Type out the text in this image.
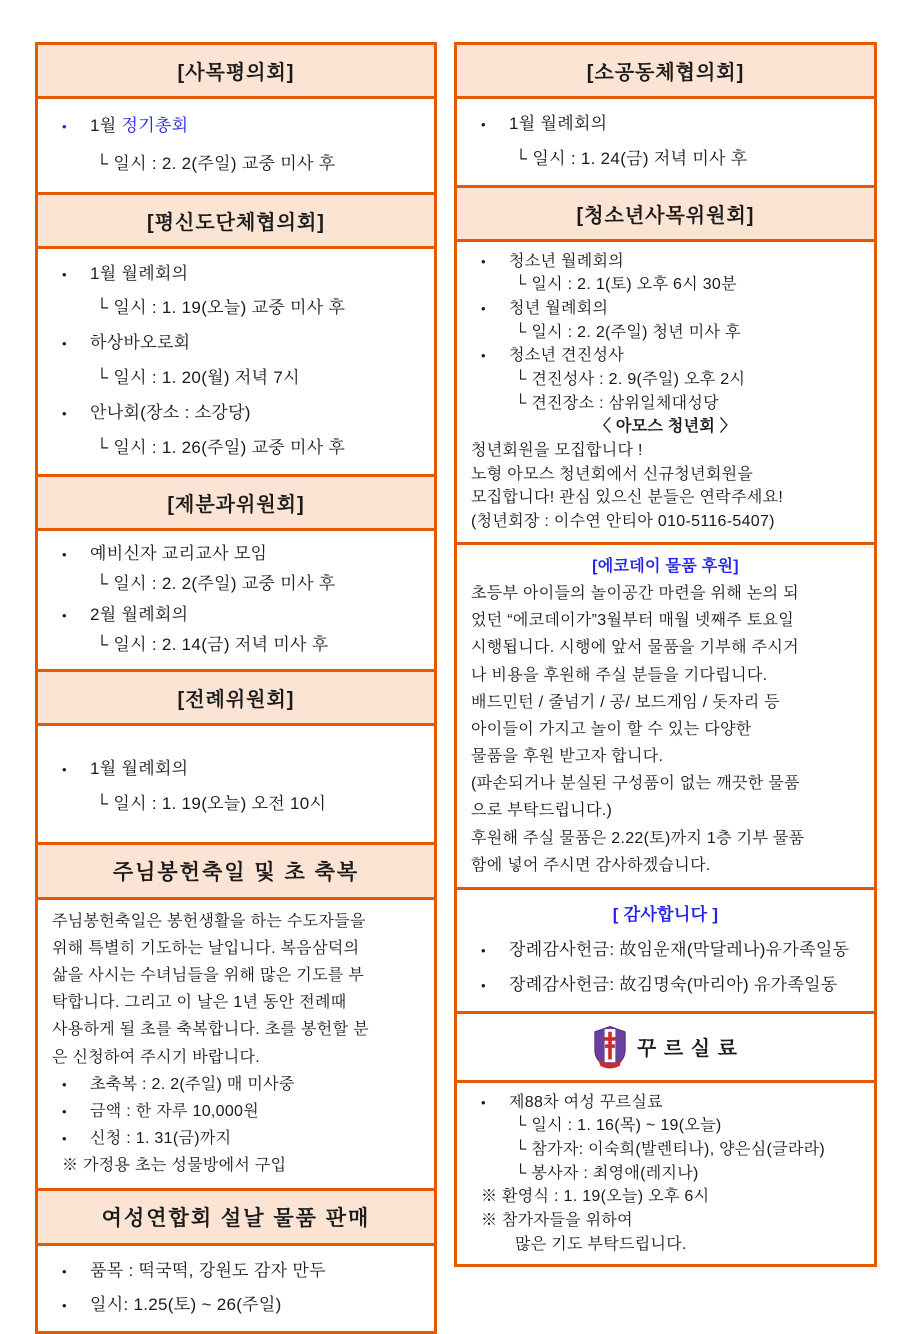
[사목평의회]
• 1월 정기총회
└ 일시 : 2. 2(주일) 교중 미사 후
[평신도단체협의회]
• 1월 월례회의
└ 일시 : 1. 19(오늘) 교중 미사 후
• 하상바오로회
└ 일시 : 1. 20(월) 저녁 7시
• 안나회(장소 : 소강당)
└ 일시 : 1. 26(주일) 교중 미사 후
[제분과위원회]
• 예비신자 교리교사 모임
└ 일시 : 2. 2(주일) 교중 미사 후
• 2월 월례회의
└ 일시 : 2. 14(금) 저녁 미사 후
[전례위원회]
• 1월 월례회의
└ 일시 : 1. 19(오늘) 오전 10시
주님봉헌축일 및 초 축복
주님봉헌축일은 봉헌생활을 하는 수도자들을
위해 특별히 기도하는 날입니다. 복음삼덕의
삶을 사시는 수녀님들을 위해 많은 기도를 부
탁합니다. 그리고 이 날은 1년 동안 전례때
사용하게 될 초를 축복합니다. 초를 봉헌할 분
은 신청하여 주시기 바랍니다.
• 초축복 : 2. 2(주일) 매 미사중
• 금액 : 한 자루 10,000원
• 신청 : 1. 31(금)까지
※ 가정용 초는 성물방에서 구입
여성연합회 설날 물품 판매
• 품목 : 떡국떡, 강원도 감자 만두
• 일시: 1.25(토) ~ 26(주일)
[소공동체협의회]
• 1월 월례회의
└ 일시 : 1. 24(금) 저녁 미사 후
[청소년사목위원회]
• 청소년 월례회의
└ 일시 : 2. 1(토) 오후 6시 30분
• 청년 월례회의
└ 일시 : 2. 2(주일) 청년 미사 후
• 청소년 견진성사
└ 견진성사 : 2. 9(주일) 오후 2시
└ 견진장소 : 삼위일체대성당
〈 아모스 청년회 〉
청년회원을 모집합니다 !
노형 아모스 청년회에서 신규청년회원을
모집합니다! 관심 있으신 분들은 연락주세요!
(청년회장 : 이수연 안티아 010-5116-5407)
[에코데이 물품 후원]
초등부 아이들의 놀이공간 마련을 위해 논의 되
었던 “에코데이가”3월부터 매월 넷째주 토요일
시행됩니다. 시행에 앞서 물품을 기부해 주시거
나 비용을 후원해 주실 분들을 기다립니다.
배드민턴 / 줄넘기 / 공/ 보드게임 / 돗자리 등
아이들이 가지고 놀이 할 수 있는 다양한
물품을 후원 받고자 합니다.
(파손되거나 분실된 구성품이 없는 깨끗한 물품
으로 부탁드립니다.)
후원해 주실 물품은 2.22(토)까지 1층 기부 물품
함에 넣어 주시면 감사하겠습니다.
[ 감사합니다 ]
• 장례감사헌금: 故임운재(막달레나)유가족일동
• 장례감사헌금: 故김명숙(마리아) 유가족일동
꾸 르 실 료
• 제88차 여성 꾸르실료
└ 일시 : 1. 16(목) ~ 19(오늘)
└ 참가자: 이숙희(발렌티나), 양은심(글라라)
└ 봉사자 : 최영애(레지나)
※ 환영식 : 1. 19(오늘) 오후 6시
※ 참가자들을 위하여
많은 기도 부탁드립니다.
